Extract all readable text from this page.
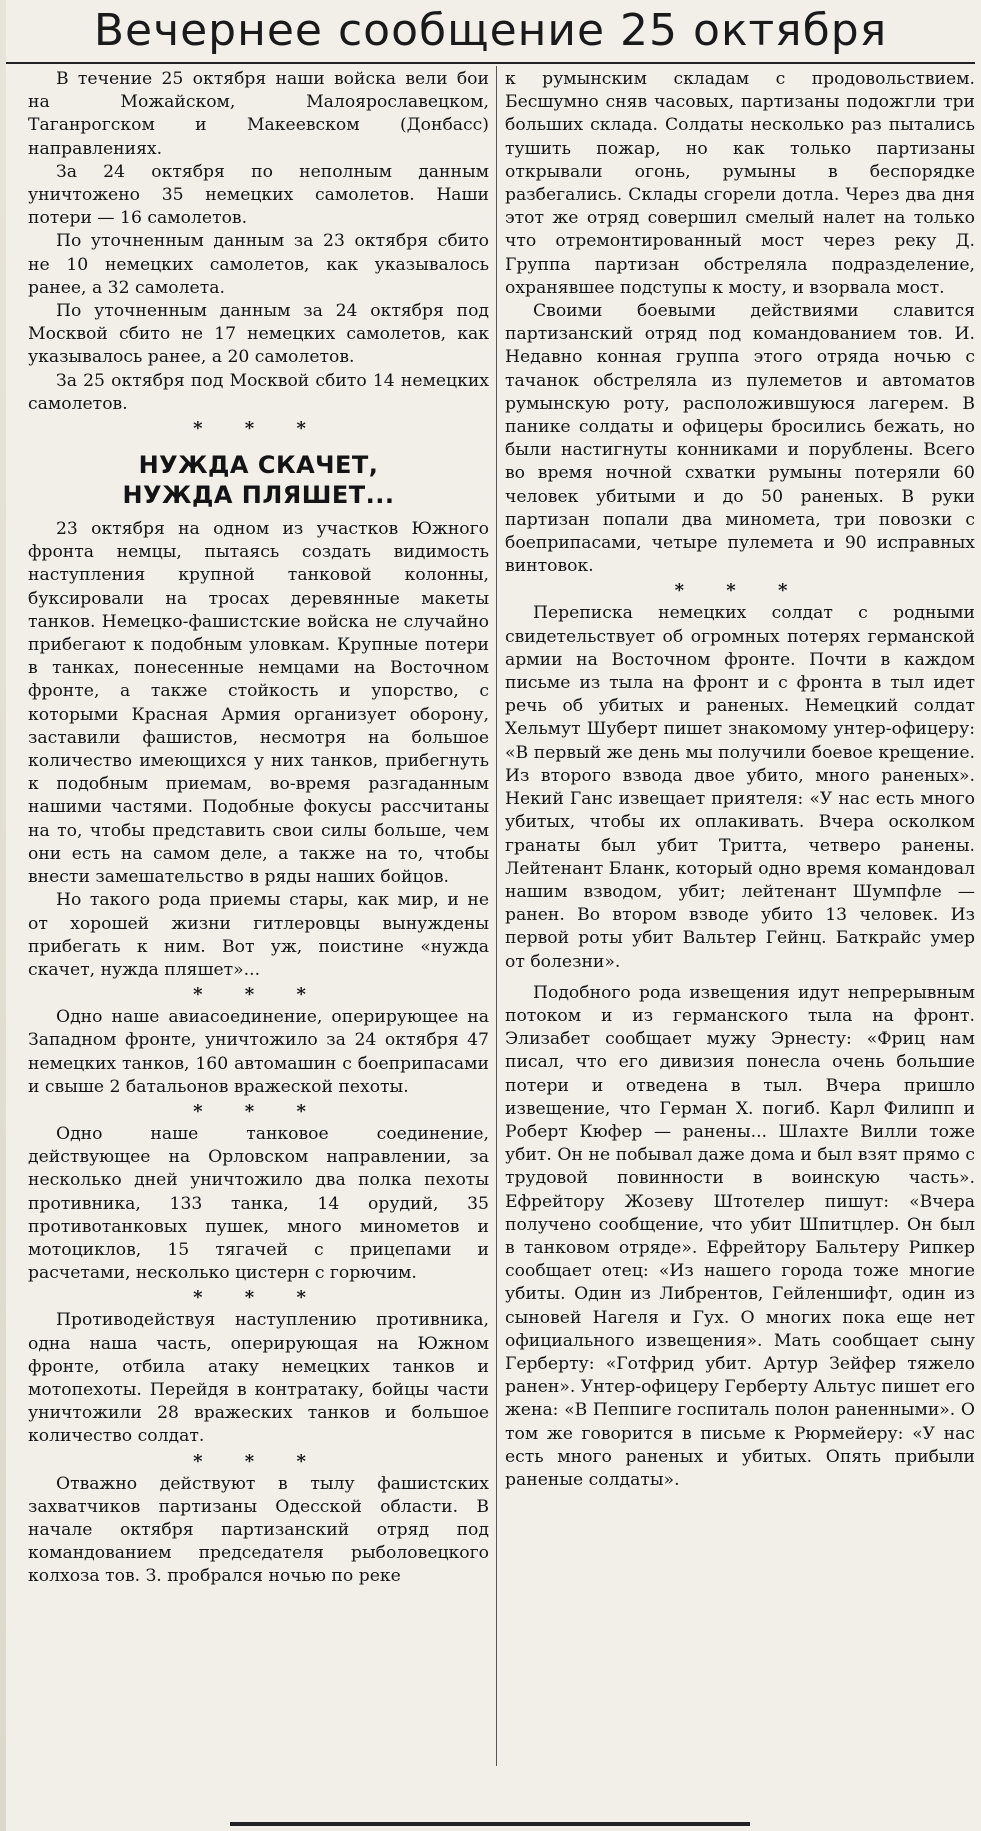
Вечернее сообщение 25 октября

В течение 25 октября наши войска вели бои на Можайском, Малоярославецком, Таганрогском и Макеевском (Донбасс) направлениях.

За 24 октября по неполным данным уничтожено 35 немецких самолетов. Наши потери — 16 самолетов.

По уточненным данным за 23 октября сбито не 10 немецких самолетов, как указывалось ранее, а 32 самолета.

По уточненным данным за 24 октября под Москвой сбито не 17 немецких самолетов, как указывалось ранее, а 20 самолетов.

За 25 октября под Москвой сбито 14 немецких самолетов.

* * *
НУЖДА СКАЧЕТ,
НУЖДА ПЛЯШЕТ...

23 октября на одном из участков Южного фронта немцы, пытаясь создать видимость наступления крупной танковой колонны, буксировали на тросах деревянные макеты танков. Немецко-фашистские войска не случайно прибегают к подобным уловкам. Крупные потери в танках, понесенные немцами на Восточном фронте, а также стойкость и упорство, с которыми Красная Армия организует оборону, заставили фашистов, несмотря на большое количество имеющихся у них танков, прибегнуть к подобным приемам, во-время разгаданным нашими частями. Подобные фокусы рассчитаны на то, чтобы представить свои силы больше, чем они есть на самом деле, а также на то, чтобы внести замешательство в ряды наших бойцов.

Но такого рода приемы стары, как мир, и не от хорошей жизни гитлеровцы вынуждены прибегать к ним. Вот уж, поистине «нужда скачет, нужда пляшет»...

* * *

Одно наше авиасоединение, оперирующее на Западном фронте, уничтожило за 24 октября 47 немецких танков, 160 автомашин с боеприпасами и свыше 2 батальонов вражеской пехоты.

* * *

Одно наше танковое соединение, действующее на Орловском направлении, за несколько дней уничтожило два полка пехоты противника, 133 танка, 14 орудий, 35 противотанковых пушек, много минометов и мотоциклов, 15 тягачей с прицепами и расчетами, несколько цистерн с горючим.

* * *

Противодействуя наступлению противника, одна наша часть, оперирующая на Южном фронте, отбила атаку немецких танков и мотопехоты. Перейдя в контратаку, бойцы части уничтожили 28 вражеских танков и большое количество солдат.

* * *

Отважно действуют в тылу фашистских захватчиков партизаны Одесской области. В начале октября партизанский отряд под командованием председателя рыболовецкого колхоза тов. З. пробрался ночью по реке

к румынским складам с продовольствием. Бесшумно сняв часовых, партизаны подожгли три больших склада. Солдаты несколько раз пытались тушить пожар, но как только партизаны открывали огонь, румыны в беспорядке разбегались. Склады сгорели дотла. Через два дня этот же отряд совершил смелый налет на только что отремонтированный мост через реку Д. Группа партизан обстреляла подразделение, охранявшее подступы к мосту, и взорвала мост.

Своими боевыми действиями славится партизанский отряд под командованием тов. И. Недавно конная группа этого отряда ночью с тачанок обстреляла из пулеметов и автоматов румынскую роту, расположившуюся лагерем. В панике солдаты и офицеры бросились бежать, но были настигнуты конниками и порублены. Всего во время ночной схватки румыны потеряли 60 человек убитыми и до 50 раненых. В руки партизан попали два миномета, три повозки с боеприпасами, четыре пулемета и 90 исправных винтовок.

* * *

Переписка немецких солдат с родными свидетельствует об огромных потерях германской армии на Восточном фронте. Почти в каждом письме из тыла на фронт и с фронта в тыл идет речь об убитых и раненых. Немецкий солдат Хельмут Шуберт пишет знакомому унтер-офицеру: «В первый же день мы получили боевое крещение. Из второго взвода двое убито, много раненых». Некий Ганс извещает приятеля: «У нас есть много убитых, чтобы их оплакивать. Вчера осколком гранаты был убит Тритта, четверо ранены. Лейтенант Бланк, который одно время командовал нашим взводом, убит; лейтенант Шумпфле — ранен. Во втором взводе убито 13 человек. Из первой роты убит Вальтер Гейнц. Баткрайс умер от болезни».

Подобного рода извещения идут непрерывным потоком и из германского тыла на фронт. Элизабет сообщает мужу Эрнесту: «Фриц нам писал, что его дивизия понесла очень большие потери и отведена в тыл. Вчера пришло извещение, что Герман Х. погиб. Карл Филипп и Роберт Кюфер — ранены... Шлахте Вилли тоже убит. Он не побывал даже дома и был взят прямо с трудовой повинности в воинскую часть». Ефрейтору Жозеву Штотелер пишут: «Вчера получено сообщение, что убит Шпитцлер. Он был в танковом отряде». Ефрейтору Бальтеру Рипкер сообщает отец: «Из нашего города тоже многие убиты. Один из Либрентов, Гейленшифт, один из сыновей Нагеля и Гух. О многих пока еще нет официального извещения». Мать сообщает сыну Герберту: «Готфрид убит. Артур Зейфер тяжело ранен». Унтер-офицеру Герберту Альтус пишет его жена: «В Пеппиге госпиталь полон раненными». О том же говорится в письме к Рюрмейеру: «У нас есть много раненых и убитых. Опять прибыли раненые солдаты».
